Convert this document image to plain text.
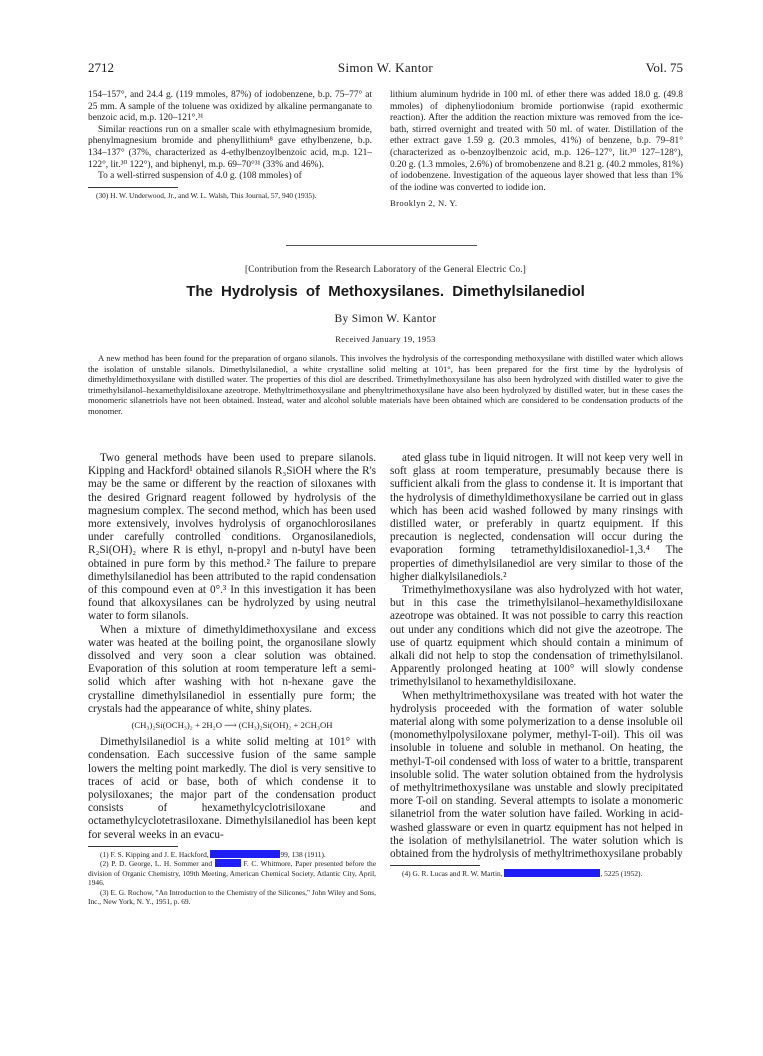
2712	Simon W. Kantor	Vol. 75

154–157°, and 24.4 g. (119 mmoles, 87%) of iodobenzene, b.p. 75–77° at 25 mm. A sample of the toluene was oxidized by alkaline permanganate to benzoic acid, m.p. 120–121°.³¹

Similar reactions run on a smaller scale with ethylmagnesium bromide, phenylmagnesium bromide and phenyllithium⁸ gave ethylbenzene, b.p. 134–137° (37%, characterized as 4-ethylbenzoylbenzoic acid, m.p. 121–122°, lit.³⁰ 122°), and biphenyl, m.p. 69–70°³¹ (33% and 46%).

To a well-stirred suspension of 4.0 g. (108 mmoles) of

(30) H. W. Underwood, Jr., and W. L. Walsh, This Journal, 57, 940 (1935).

lithium aluminum hydride in 100 ml. of ether there was added 18.0 g. (49.8 mmoles) of diphenyliodonium bromide portionwise (rapid exothermic reaction). After the addition the reaction mixture was removed from the ice-bath, stirred overnight and treated with 50 ml. of water. Distillation of the ether extract gave 1.59 g. (20.3 mmoles, 41%) of benzene, b.p. 79–81° (characterized as o-benzoylbenzoic acid, m.p. 126–127°, lit.³⁰ 127–128°), 0.20 g. (1.3 mmoles, 2.6%) of bromobenzene and 8.21 g. (40.2 mmoles, 81%) of iodobenzene. Investigation of the aqueous layer showed that less than 1% of the iodine was converted to iodide ion.

Brooklyn 2, N. Y.
[Contribution from the Research Laboratory of the General Electric Co.]
The Hydrolysis of Methoxysilanes. Dimethylsilanediol
By Simon W. Kantor
Received January 19, 1953
A new method has been found for the preparation of organo silanols. This involves the hydrolysis of the corresponding methoxysilane with distilled water which allows the isolation of unstable silanols. Dimethylsilanediol, a white crystalline solid melting at 101°, has been prepared for the first time by the hydrolysis of dimethyldimethoxysilane with distilled water. The properties of this diol are described. Trimethylmethoxysilane has also been hydrolyzed with distilled water to give the trimethylsilanol–hexamethyldisiloxane azeotrope. Methyltrimethoxysilane and phenyltrimethoxysilane have also been hydrolyzed by distilled water, but in these cases the monomeric silanetriols have not been obtained. Instead, water and alcohol soluble materials have been obtained which are considered to be condensation products of the monomer.

Two general methods have been used to prepare silanols. Kipping and Hackford¹ obtained silanols R₃SiOH where the R's may be the same or different by the reaction of siloxanes with the desired Grignard reagent followed by hydrolysis of the magnesium complex. The second method, which has been used more extensively, involves hydrolysis of organochlorosilanes under carefully controlled conditions. Organosilanediols, R₂Si(OH)₂ where R is ethyl, n-propyl and n-butyl have been obtained in pure form by this method.² The failure to prepare dimethylsilanediol has been attributed to the rapid condensation of this compound even at 0°.³ In this investigation it has been found that alkoxysilanes can be hydrolyzed by using neutral water to form silanols.

When a mixture of dimethyldimethoxysilane and excess water was heated at the boiling point, the organosilane slowly dissolved and very soon a clear solution was obtained. Evaporation of this solution at room temperature left a semi-solid which after washing with hot n-hexane gave the crystalline dimethylsilanediol in essentially pure form; the crystals had the appearance of white, shiny plates.

(CH₃)₂Si(OCH₃)₂ + 2H₂O ⟶ (CH₃)₂Si(OH)₂ + 2CH₃OH

Dimethylsilanediol is a white solid melting at 101° with condensation. Each successive fusion of the same sample lowers the melting point markedly. The diol is very sensitive to traces of acid or base, both of which condense it to polysiloxanes; the major part of the condensation product consists of hexamethylcyclotrisiloxane and octamethylcyclotetrasiloxane. Dimethylsilanediol has been kept for several weeks in an evacu-

(1) F. S. Kipping and J. E. Hackford,	99, 138 (1911).

(2) P. D. George, L. H. Sommer and	F. C. Whitmore, Paper presented before the division of Organic Chemistry, 109th Meeting, American Chemical Society, Atlantic City, April, 1946.

(3) E. G. Rochow, "An Introduction to the Chemistry of the Silicones," John Wiley and Sons, Inc., New York, N. Y., 1951, p. 69.

ated glass tube in liquid nitrogen. It will not keep very well in soft glass at room temperature, presumably because there is sufficient alkali from the glass to condense it. It is important that the hydrolysis of dimethyldimethoxysilane be carried out in glass which has been acid washed followed by many rinsings with distilled water, or preferably in quartz equipment. If this precaution is neglected, condensation will occur during the evaporation forming tetramethyldisiloxanediol-1,3.⁴ The properties of dimethylsilanediol are very similar to those of the higher dialkylsilanediols.²

Trimethylmethoxysilane was also hydrolyzed with hot water, but in this case the trimethylsilanol–hexamethyldisiloxane azeotrope was obtained. It was not possible to carry this reaction out under any conditions which did not give the azeotrope. The use of quartz equipment which should contain a minimum of alkali did not help to stop the condensation of trimethylsilanol. Apparently prolonged heating at 100° will slowly condense trimethylsilanol to hexamethyldisiloxane.

When methyltrimethoxysilane was treated with hot water the hydrolysis proceeded with the formation of water soluble material along with some polymerization to a dense insoluble oil (monomethylpolysiloxane polymer, methyl-T-oil). This oil was insoluble in toluene and soluble in methanol. On heating, the methyl-T-oil condensed with loss of water to a brittle, transparent insoluble solid. The water solution obtained from the hydrolysis of methyltrimethoxysilane was unstable and slowly precipitated more T-oil on standing. Several attempts to isolate a monomeric silanetriol from the water solution have failed. Working in acid-washed glassware or even in quartz equipment has not helped in the isolation of methylsilanetriol. The water solution which is obtained from the hydrolysis of methyltrimethoxysilane probably

(4) G. R. Lucas and R. W. Martin,	, 5225 (1952).
